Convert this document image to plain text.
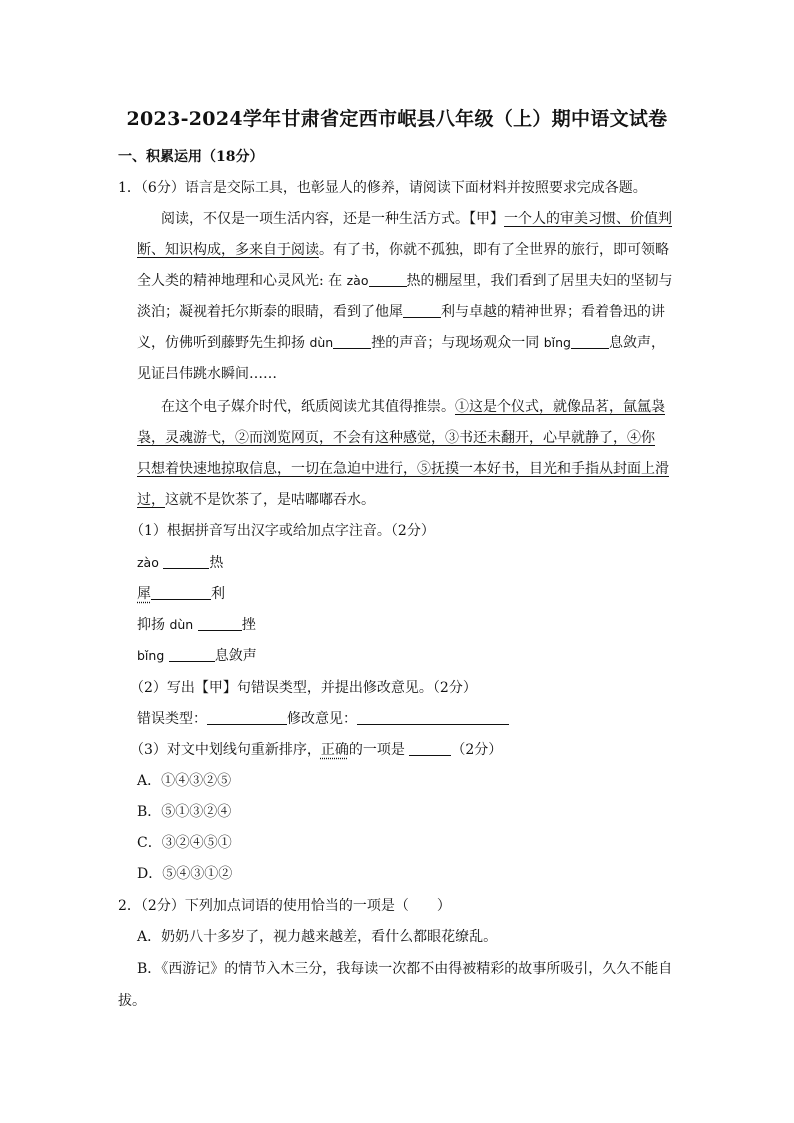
2023-2024学年甘肃省定西市岷县八年级（上）期中语文试卷
一、积累运用（18分）
1．（6分）语言是交际工具，也彰显人的修养，请阅读下面材料并按照要求完成各题。
阅读，不仅是一项生活内容，还是一种生活方式。【甲】一个人的审美习惯、价值判
断、知识构成，多来自于阅读。有了书，你就不孤独，即有了全世界的旅行，即可领略
全人类的精神地理和心灵风光: 在 zào	热的棚屋里，我们看到了居里夫妇的坚韧与
淡泊；凝视着托尔斯泰的眼睛，看到了他犀	利与卓越的精神世界；看着鲁迅的讲
义，仿佛听到藤野先生抑扬 dùn	挫的声音；与现场观众一同 bǐng	息敛声，
见证吕伟跳水瞬间……
在这个电子媒介时代，纸质阅读尤其值得推崇。①这是个仪式，就像品茗，氤氲袅
袅，灵魂游弋，②而浏览网页，不会有这种感觉，③书还未翻开，心早就静了，④你
只想着快速地掠取信息，一切在急迫中进行，⑤抚摸一本好书，目光和手指从封面上滑
过，这就不是饮茶了，是咕嘟嘟吞水。
（1）根据拼音写出汉字或给加点字注音。（2分）
zào	热
犀	利
抑扬 dùn	挫
bǐng	息敛声
（2）写出【甲】句错误类型，并提出修改意见。（2分）
错误类型：	修改意见：
（3）对文中划线句重新排序，正确的一项是	（2分）
A．①④③②⑤
B．⑤①③②④
C．③②④⑤①
D．⑤④③①②
2．（2分）下列加点词语的使用恰当的一项是（　　）
A．奶奶八十多岁了，视力越来越差，看什么都眼花缭乱。
B．《西游记》的情节入木三分，我每读一次都不由得被精彩的故事所吸引，久久不能自
拔。
